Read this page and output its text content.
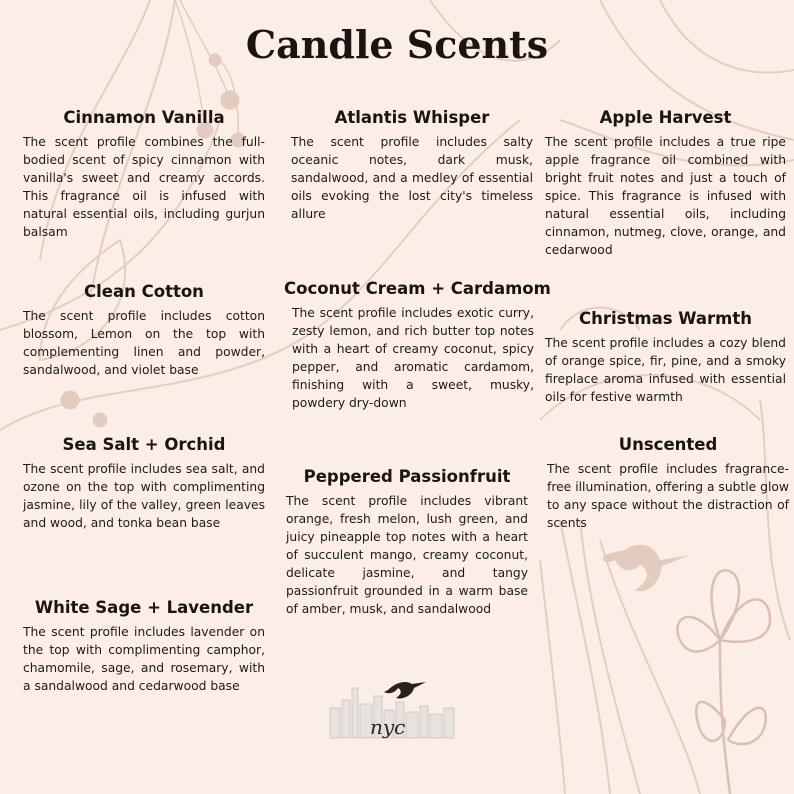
Candle Scents
Cinnamon Vanilla

The scent profile combines the full-bodied scent of spicy cinnamon with vanilla's sweet and creamy accords. This fragrance oil is infused with natural essential oils, including gurjun balsam

Atlantis Whisper

The scent profile includes salty oceanic notes, dark musk, sandalwood, and a medley of essential oils evoking the lost city's timeless allure

Apple Harvest

The scent profile includes a true ripe apple fragrance oil combined with bright fruit notes and just a touch of spice. This fragrance is infused with natural essential oils, including cinnamon, nutmeg, clove, orange, and cedarwood

Clean Cotton

The scent profile includes cotton blossom, Lemon on the top with complementing linen and powder, sandalwood, and violet base

Coconut Cream + Cardamom

The scent profile includes exotic curry, zesty lemon, and rich butter top notes with a heart of creamy coconut, spicy pepper, and aromatic cardamom, finishing with a sweet, musky, powdery dry-down

Christmas Warmth

The scent profile includes a cozy blend of orange spice, fir, pine, and a smoky fireplace aroma infused with essential oils for festive warmth

Sea Salt + Orchid

The scent profile includes sea salt, and ozone on the top with complimenting jasmine, lily of the valley, green leaves and wood, and tonka bean base

Peppered Passionfruit

The scent profile includes vibrant orange, fresh melon, lush green, and juicy pineapple top notes with a heart of succulent mango, creamy coconut, delicate jasmine, and tangy passionfruit grounded in a warm base of amber, musk, and sandalwood

Unscented

The scent profile includes fragrance-free illumination, offering a subtle glow to any space without the distraction of scents

White Sage + Lavender

The scent profile includes lavender on the top with complimenting camphor, chamomile, sage, and rosemary, with a sandalwood and cedarwood base

nyc
